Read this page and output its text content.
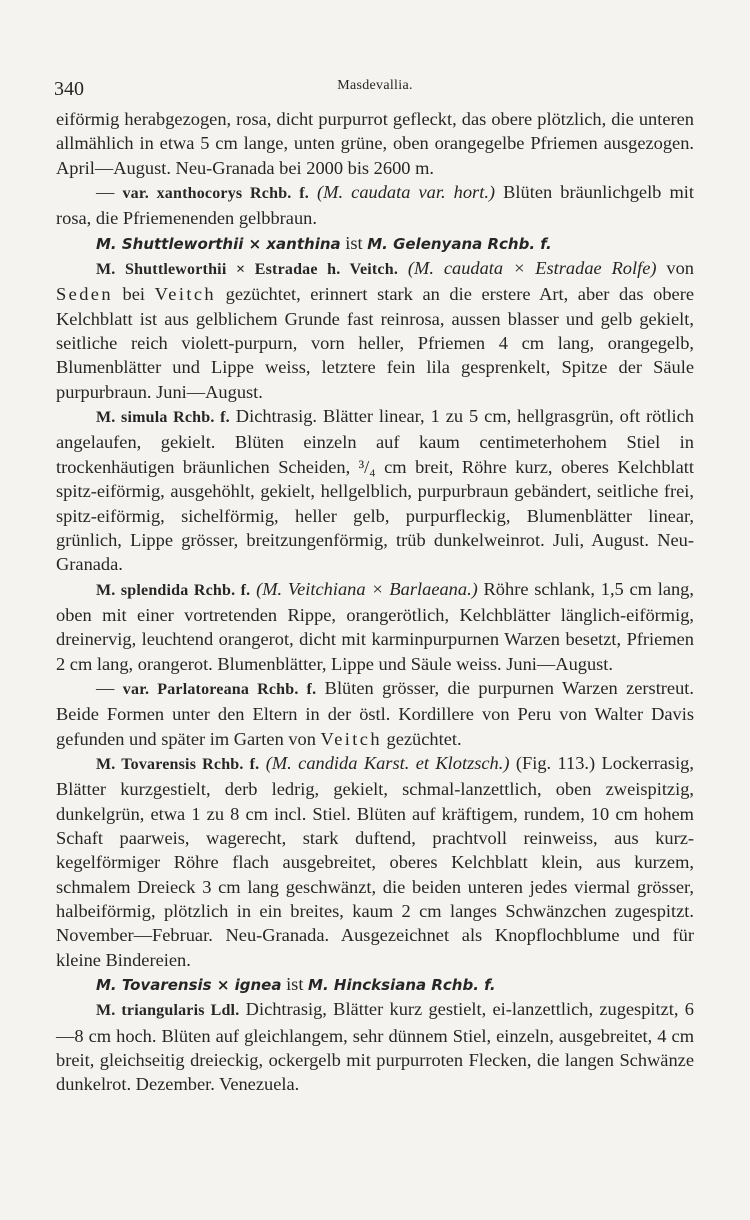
340	Masdevallia.

eiförmig herabgezogen, rosa, dicht purpurrot gefleckt, das obere plötzlich, die unteren allmählich in etwa 5 cm lange, unten grüne, oben orangegelbe Pfriemen ausgezogen. April—August. Neu-Granada bei 2000 bis 2600 m.

— var. xanthocorys Rchb. f. (M. caudata var. hort.) Blüten bräunlichgelb mit rosa, die Pfriemenenden gelbbraun.

M. Shuttleworthii × xanthina ist M. Gelenyana Rchb. f.

M. Shuttleworthii × Estradae h. Veitch. (M. caudata × Estradae Rolfe) von Seden bei Veitch gezüchtet, erinnert stark an die erstere Art, aber das obere Kelchblatt ist aus gelblichem Grunde fast reinrosa, aussen blasser und gelb gekielt, seitliche reich violett-purpurn, vorn heller, Pfriemen 4 cm lang, orangegelb, Blumenblätter und Lippe weiss, letztere fein lila gesprenkelt, Spitze der Säule purpurbraun. Juni—August.

M. simula Rchb. f. Dichtrasig. Blätter linear, 1 zu 5 cm, hellgrasgrün, oft rötlich angelaufen, gekielt. Blüten einzeln auf kaum centimeterhohem Stiel in trockenhäutigen bräunlichen Scheiden, ³/₄ cm breit, Röhre kurz, oberes Kelchblatt spitz-eiförmig, ausgehöhlt, gekielt, hellgelblich, purpurbraun gebändert, seitliche frei, spitz-eiförmig, sichelförmig, heller gelb, purpurfleckig, Blumenblätter linear, grünlich, Lippe grösser, breitzungenförmig, trüb dunkelweinrot. Juli, August. Neu-Granada.

M. splendida Rchb. f. (M. Veitchiana × Barlaeana.) Röhre schlank, 1,5 cm lang, oben mit einer vortretenden Rippe, orangerötlich, Kelchblätter länglich-eiförmig, dreinervig, leuchtend orangerot, dicht mit karminpurpurnen Warzen besetzt, Pfriemen 2 cm lang, orangerot. Blumenblätter, Lippe und Säule weiss. Juni—August.

— var. Parlatoreana Rchb. f. Blüten grösser, die purpurnen Warzen zerstreut. Beide Formen unter den Eltern in der östl. Kordillere von Peru von Walter Davis gefunden und später im Garten von Veitch gezüchtet.

M. Tovarensis Rchb. f. (M. candida Karst. et Klotzsch.) (Fig. 113.) Lockerrasig, Blätter kurzgestielt, derb ledrig, gekielt, schmal-lanzettlich, oben zweispitzig, dunkelgrün, etwa 1 zu 8 cm incl. Stiel. Blüten auf kräftigem, rundem, 10 cm hohem Schaft paarweis, wagerecht, stark duftend, prachtvoll reinweiss, aus kurz-kegelförmiger Röhre flach ausgebreitet, oberes Kelchblatt klein, aus kurzem, schmalem Dreieck 3 cm lang geschwänzt, die beiden unteren jedes viermal grösser, halbeiförmig, plötzlich in ein breites, kaum 2 cm langes Schwänzchen zugespitzt. November—Februar. Neu-Granada. Ausgezeichnet als Knopflochblume und für kleine Bindereien.

M. Tovarensis × ignea ist M. Hincksiana Rchb. f.

M. triangularis Ldl. Dichtrasig, Blätter kurz gestielt, ei-lanzettlich, zugespitzt, 6—8 cm hoch. Blüten auf gleichlangem, sehr dünnem Stiel, einzeln, ausgebreitet, 4 cm breit, gleichseitig dreieckig, ockergelb mit purpurroten Flecken, die langen Schwänze dunkelrot. Dezember. Venezuela.
